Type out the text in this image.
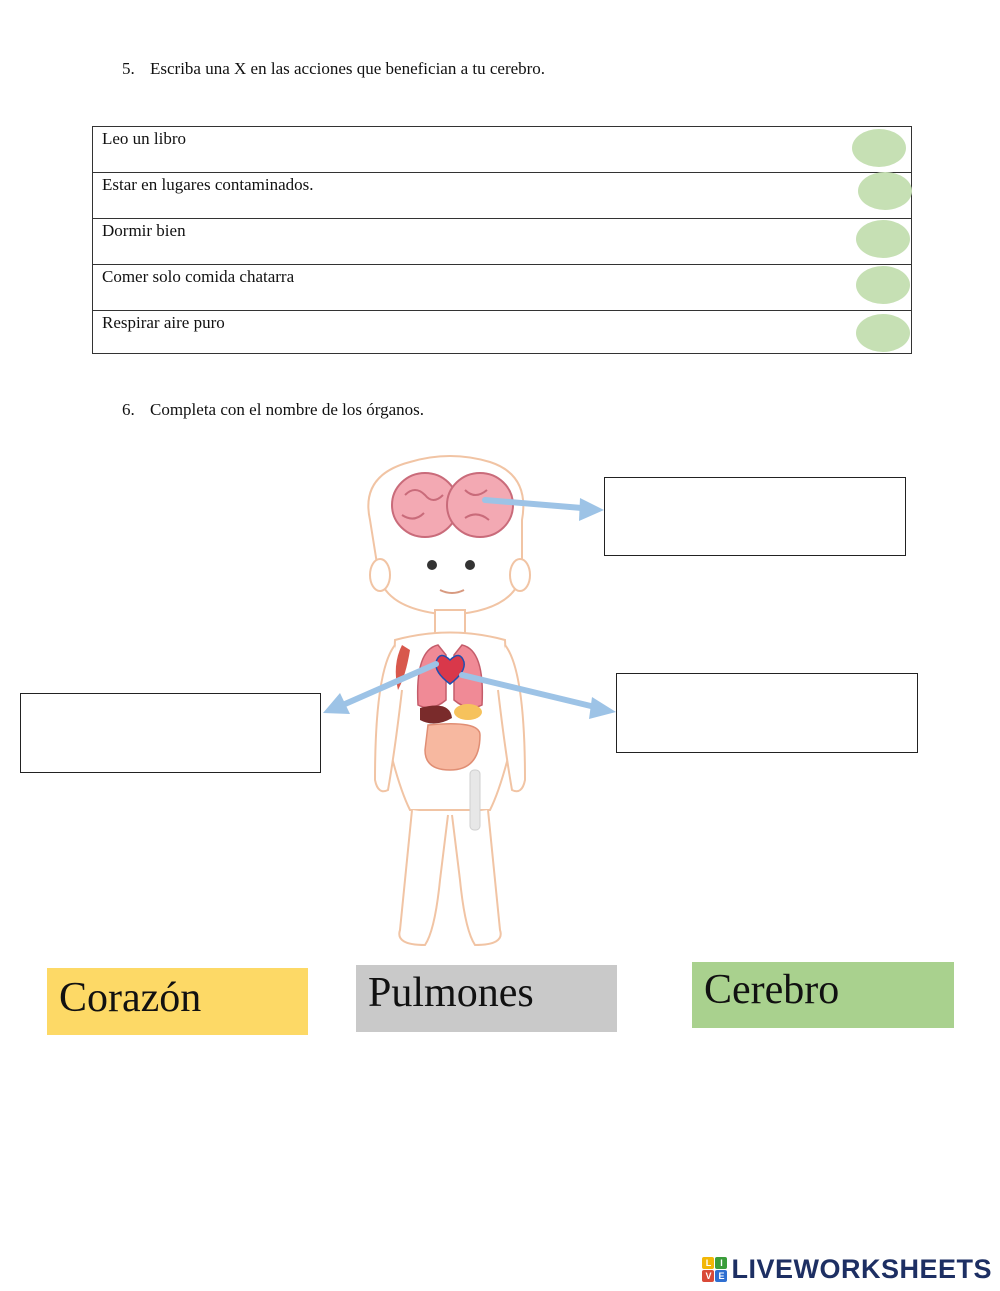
5. Escriba una X en las acciones que benefician a tu cerebro.
Leo un libro
Estar en lugares contaminados.
Dormir bien
Comer solo comida chatarra
Respirar aire puro
6. Completa con el nombre de los órganos.
Corazón	Pulmones	Cerebro
L I
V E LIVEWORKSHEETS
